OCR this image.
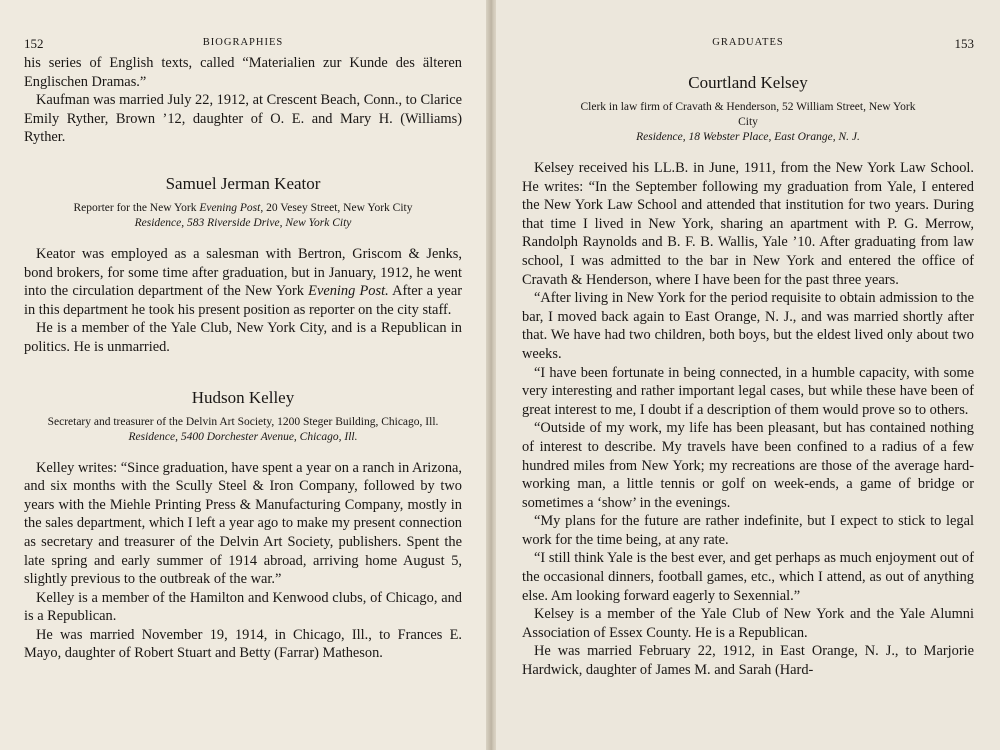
152	BIOGRAPHIES

his series of English texts, called “Materialien zur Kunde des älteren Englischen Dramas.”

Kaufman was married July 22, 1912, at Crescent Beach, Conn., to Clarice Emily Ryther, Brown ’12, daughter of O. E. and Mary H. (Williams) Ryther.

Samuel Jerman Keator
Reporter for the New York Evening Post, 20 Vesey Street, New York City
Residence, 583 Riverside Drive, New York City

Keator was employed as a salesman with Bertron, Griscom & Jenks, bond brokers, for some time after graduation, but in January, 1912, he went into the circulation department of the New York Evening Post. After a year in this department he took his present position as reporter on the city staff.

He is a member of the Yale Club, New York City, and is a Republican in politics. He is unmarried.

Hudson Kelley
Secretary and treasurer of the Delvin Art Society, 1200 Steger Building, Chicago, Ill.
Residence, 5400 Dorchester Avenue, Chicago, Ill.

Kelley writes: “Since graduation, have spent a year on a ranch in Arizona, and six months with the Scully Steel & Iron Company, followed by two years with the Miehle Printing Press & Manufacturing Company, mostly in the sales department, which I left a year ago to make my present connection as secretary and treasurer of the Delvin Art Society, publishers. Spent the late spring and early summer of 1914 abroad, arriving home August 5, slightly previous to the outbreak of the war.”

Kelley is a member of the Hamilton and Kenwood clubs, of Chicago, and is a Republican.

He was married November 19, 1914, in Chicago, Ill., to Frances E. Mayo, daughter of Robert Stuart and Betty (Farrar) Matheson.

GRADUATES	153
Courtland Kelsey
Clerk in law firm of Cravath & Henderson, 52 William Street, New York City
Residence, 18 Webster Place, East Orange, N. J.

Kelsey received his LL.B. in June, 1911, from the New York Law School. He writes: “In the September following my graduation from Yale, I entered the New York Law School and attended that institution for two years. During that time I lived in New York, sharing an apartment with P. G. Merrow, Randolph Raynolds and B. F. B. Wallis, Yale ’10. After graduating from law school, I was admitted to the bar in New York and entered the office of Cravath & Henderson, where I have been for the past three years.

“After living in New York for the period requisite to obtain admission to the bar, I moved back again to East Orange, N. J., and was married shortly after that. We have had two children, both boys, but the eldest lived only about two weeks.

“I have been fortunate in being connected, in a humble capacity, with some very interesting and rather important legal cases, but while these have been of great interest to me, I doubt if a description of them would prove so to others.

“Outside of my work, my life has been pleasant, but has contained nothing of interest to describe. My travels have been confined to a radius of a few hundred miles from New York; my recreations are those of the average hard-working man, a little tennis or golf on week-ends, a game of bridge or sometimes a ‘show’ in the evenings.

“My plans for the future are rather indefinite, but I expect to stick to legal work for the time being, at any rate.

“I still think Yale is the best ever, and get perhaps as much enjoyment out of the occasional dinners, football games, etc., which I attend, as out of anything else. Am looking forward eagerly to Sexennial.”

Kelsey is a member of the Yale Club of New York and the Yale Alumni Association of Essex County. He is a Republican.

He was married February 22, 1912, in East Orange, N. J., to Marjorie Hardwick, daughter of James M. and Sarah (Hard-
